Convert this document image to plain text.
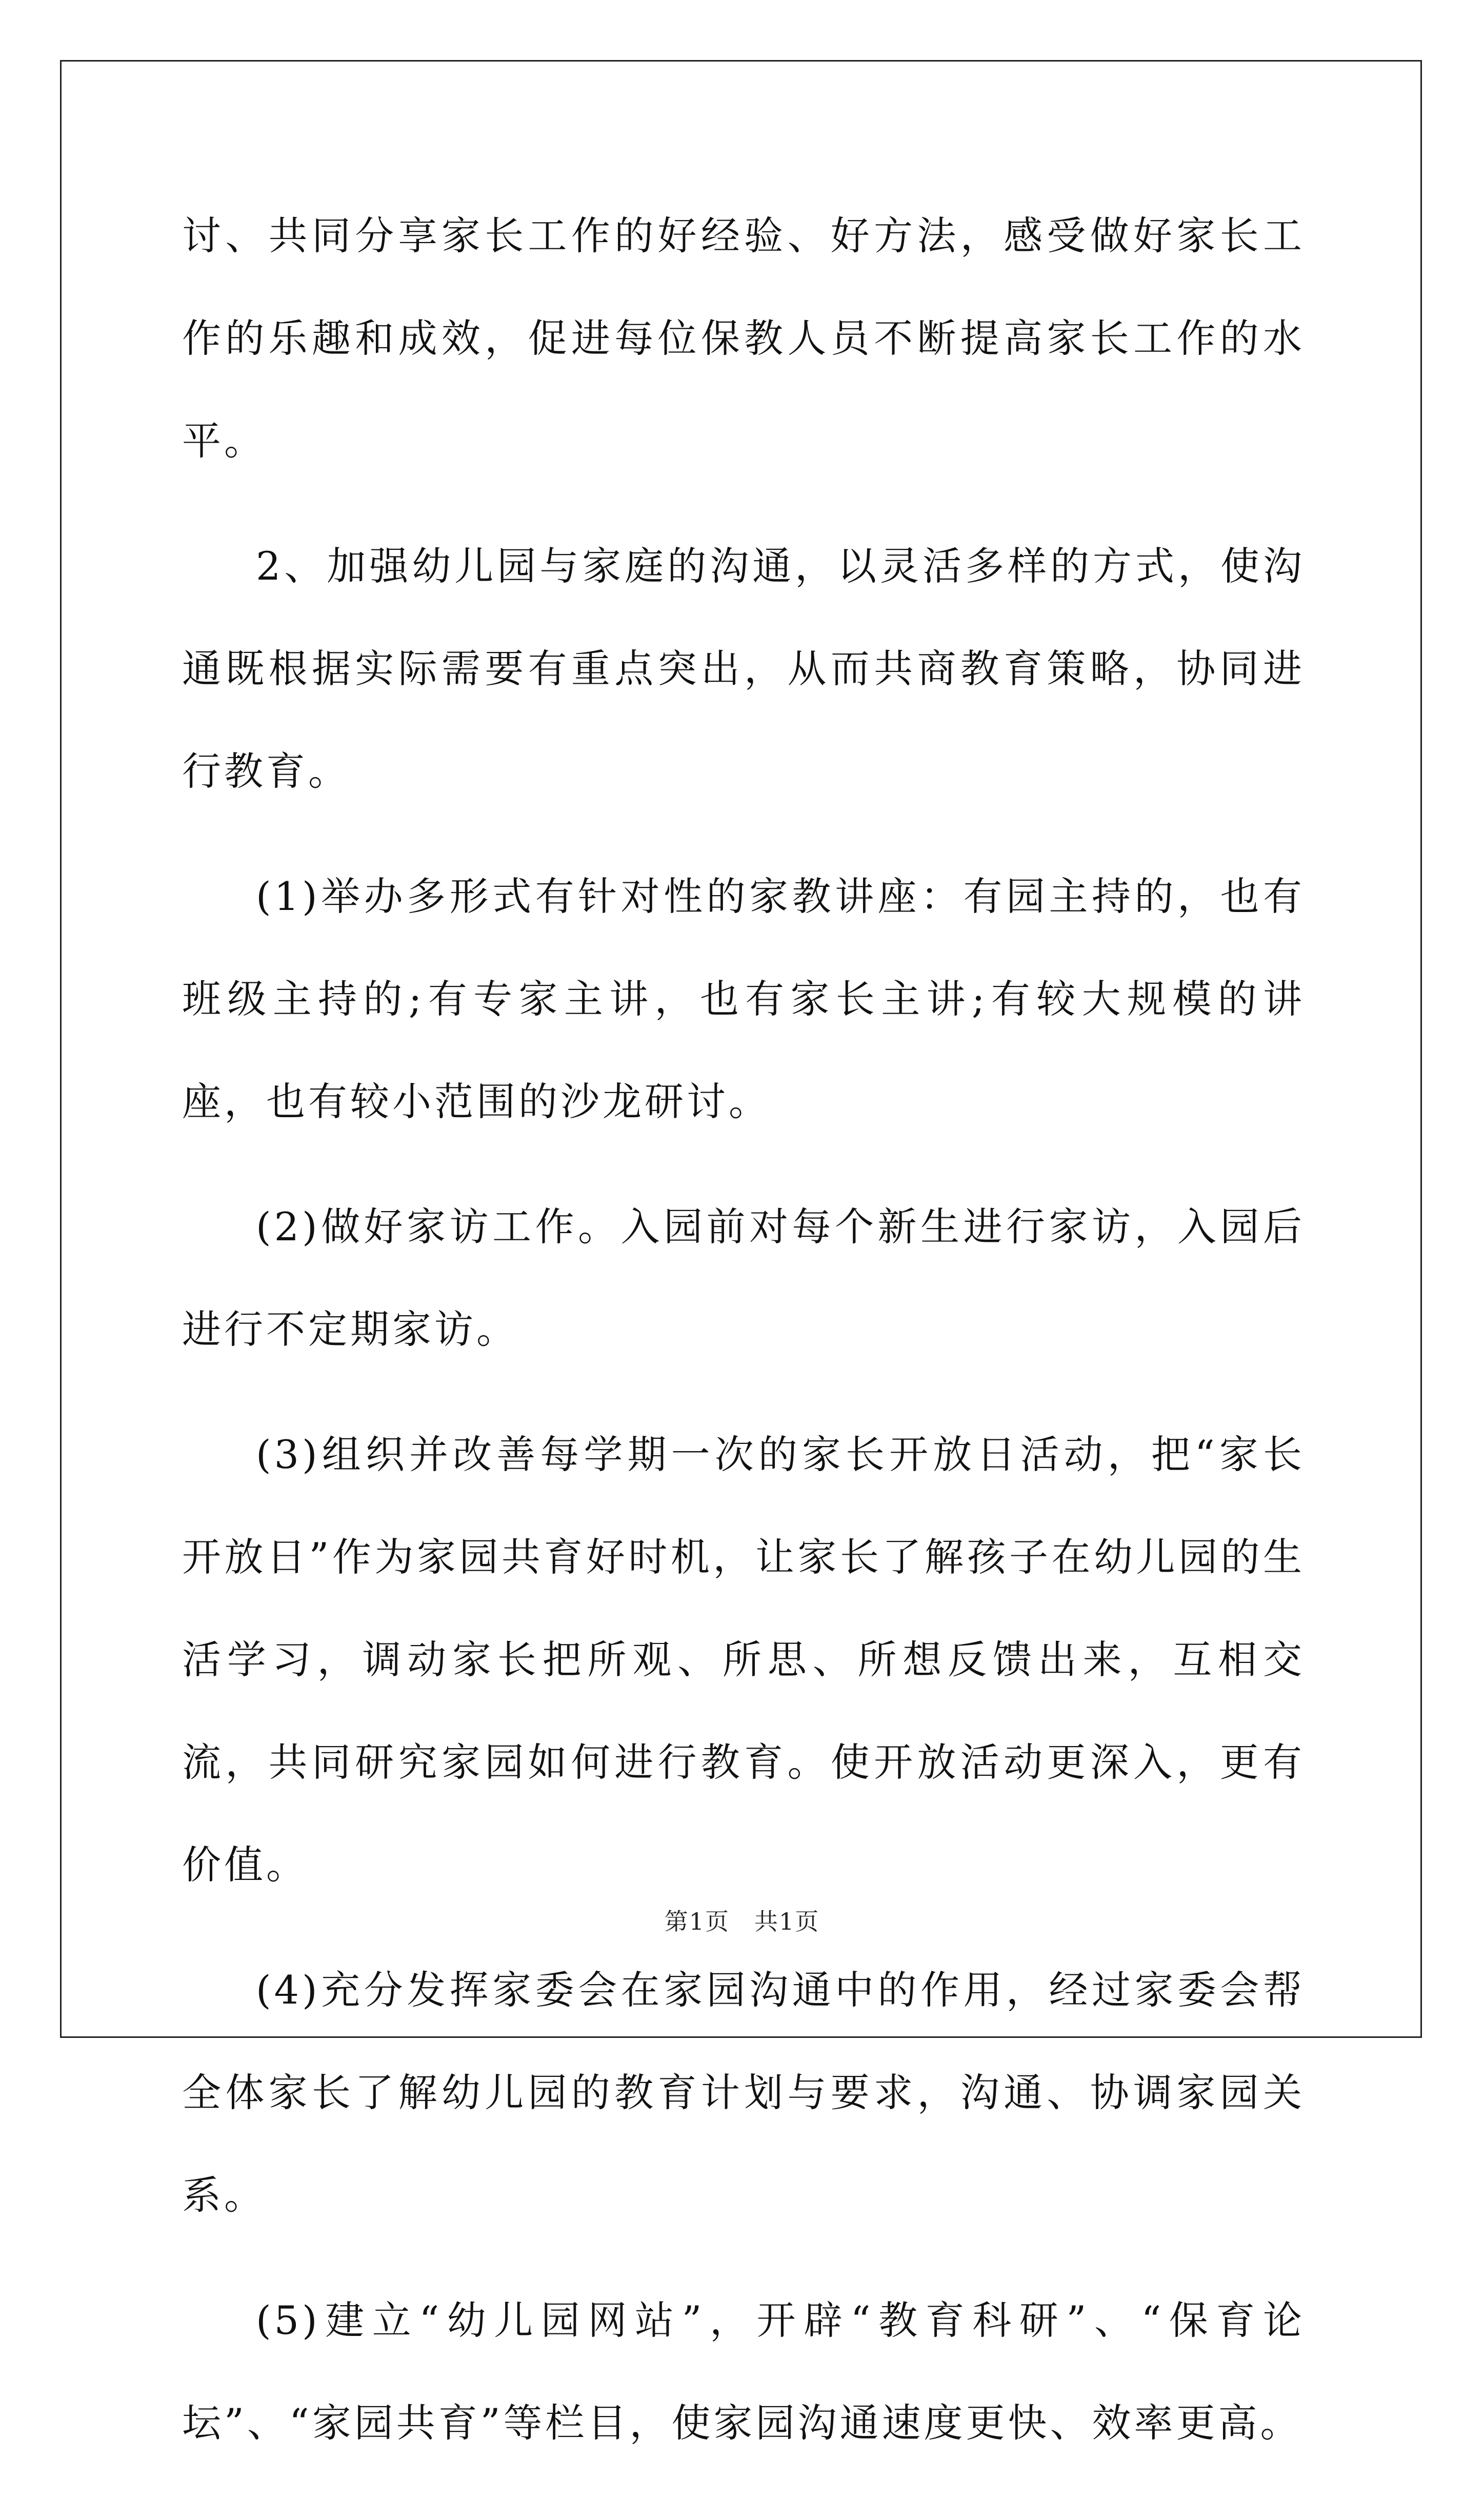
讨、共同分享家长工作的好经验、好方法，感受做好家长工作的乐趣和成效，促进每位保教人员不断提高家长工作的水平。

2、加强幼儿园与家庭的沟通，以灵活多样的方式，使沟通既根据实际需要有重点突出，从而共商教育策略，协同进行教育。

(1)举办多形式有针对性的家教讲座：有园主持的，也有班级主持的;有专家主讲，也有家长主讲;有较大规模的讲座，也有较小范围的沙龙研讨。

(2)做好家访工作。入园前对每个新生进行家访，入园后进行不定期家访。

(3)组织并改善每学期一次的家长开放日活动，把“家长开放日”作为家园共育好时机，让家长了解孩子在幼儿园的生活学习，调动家长把所观、所思、所想反馈出来，互相交流，共同研究家园如何进行教育。使开放活动更深入，更有价值。

(4)充分发挥家委会在家园沟通中的作用，经过家委会帮全体家长了解幼儿园的教育计划与要求，沟通、协调家园关系。

(5)建立“幼儿园网站”，开辟“教育科研”、“保育论坛”、“家园共育”等栏目，使家园沟通速度更快、效率更高。

第1页　共1页
